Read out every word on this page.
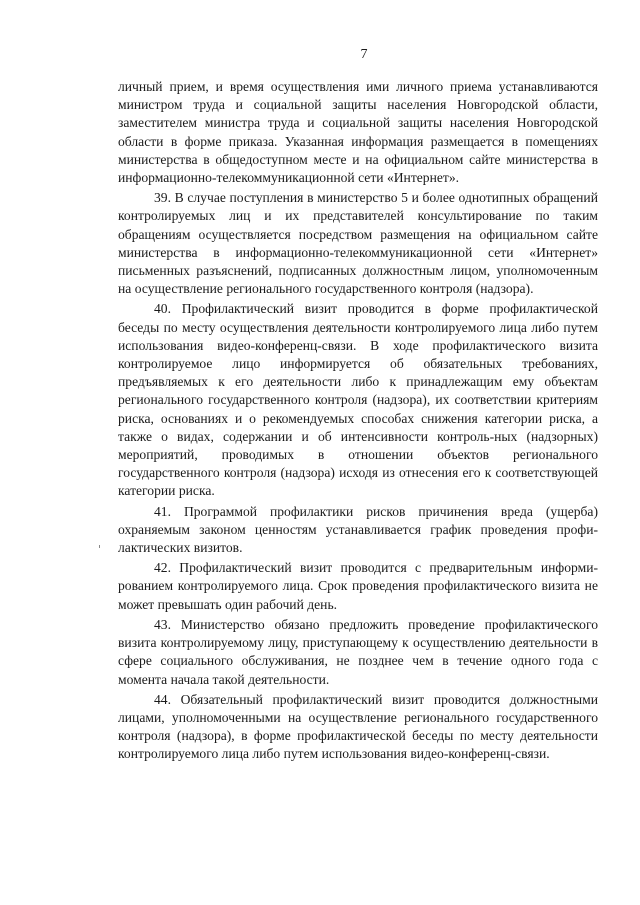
7

личный прием, и время осуществления ими личного приема устанавливаются министром труда и социальной защиты населения Новгородской области, заместителем министра труда и социальной защиты населения Новгородской области в форме приказа. Указанная информация размещается в помещениях министерства в общедоступном месте и на официальном сайте министерства в информационно-телекоммуникационной сети «Интернет».

39. В случае поступления в министерство 5 и более однотипных обращений контролируемых лиц и их представителей консультирование по таким обращениям осуществляется посредством размещения на официальном сайте министерства в информационно-телекоммуникационной сети «Интернет» письменных разъяснений, подписанных должностным лицом, уполномоченным на осуществление регионального государственного контроля (надзора).

40. Профилактический визит проводится в форме профилактической беседы по месту осуществления деятельности контролируемого лица либо путем использования видео-конференц-связи. В ходе профилактического визита контролируемое лицо информируется об обязательных требованиях, предъявляемых к его деятельности либо к принадлежащим ему объектам регионального государственного контроля (надзора), их соответствии критериям риска, основаниях и о рекомендуемых способах снижения категории риска, а также о видах, содержании и об интенсивности контроль-ных (надзорных) мероприятий, проводимых в отношении объектов регионального государственного контроля (надзора) исходя из отнесения его к соответствующей категории риска.

41. Программой профилактики рисков причинения вреда (ущерба) охраняемым законом ценностям устанавливается график проведения профи-лактических визитов.

42. Профилактический визит проводится с предварительным информи-рованием контролируемого лица. Срок проведения профилактического визита не может превышать один рабочий день.

43. Министерство обязано предложить проведение профилактического визита контролируемому лицу, приступающему к осуществлению деятельности в сфере социального обслуживания, не позднее чем в течение одного года с момента начала такой деятельности.

44. Обязательный профилактический визит проводится должностными лицами, уполномоченными на осуществление регионального государственного контроля (надзора), в форме профилактической беседы по месту деятельности контролируемого лица либо путем использования видео-конференц-связи.
